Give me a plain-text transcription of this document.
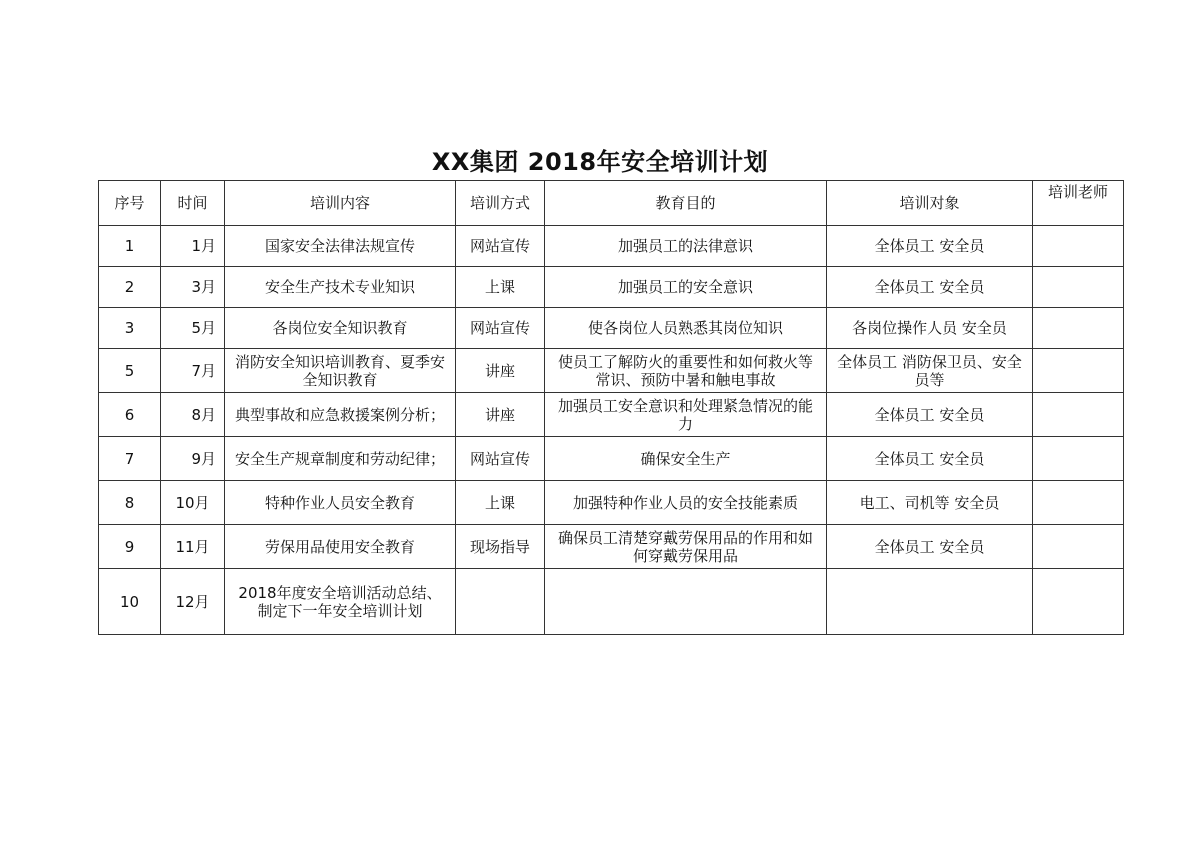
XX集团 2018年安全培训计划
序号	时间	培训内容	培训方式	教育目的	培训对象	培训老师
1	1月	国家安全法律法规宣传	网站宣传	加强员工的法律意识	全体员工 安全员	
2	3月	安全生产技术专业知识	上课	加强员工的安全意识	全体员工 安全员	
3	5月	各岗位安全知识教育	网站宣传	使各岗位人员熟悉其岗位知识	各岗位操作人员 安全员	
5	7月	消防安全知识培训教育、夏季安全知识教育	讲座	使员工了解防火的重要性和如何救火等常识、预防中暑和触电事故	全体员工 消防保卫员、安全员等	
6	8月	典型事故和应急救援案例分析；	讲座	加强员工安全意识和处理紧急情况的能力	全体员工 安全员	
7	9月	安全生产规章制度和劳动纪律；	网站宣传	确保安全生产	全体员工 安全员	
8	10月	特种作业人员安全教育	上课	加强特种作业人员的安全技能素质	电工、司机等 安全员	
9	11月	劳保用品使用安全教育	现场指导	确保员工清楚穿戴劳保用品的作用和如何穿戴劳保用品	全体员工 安全员	
10	12月	2018年度安全培训活动总结、制定下一年安全培训计划				
